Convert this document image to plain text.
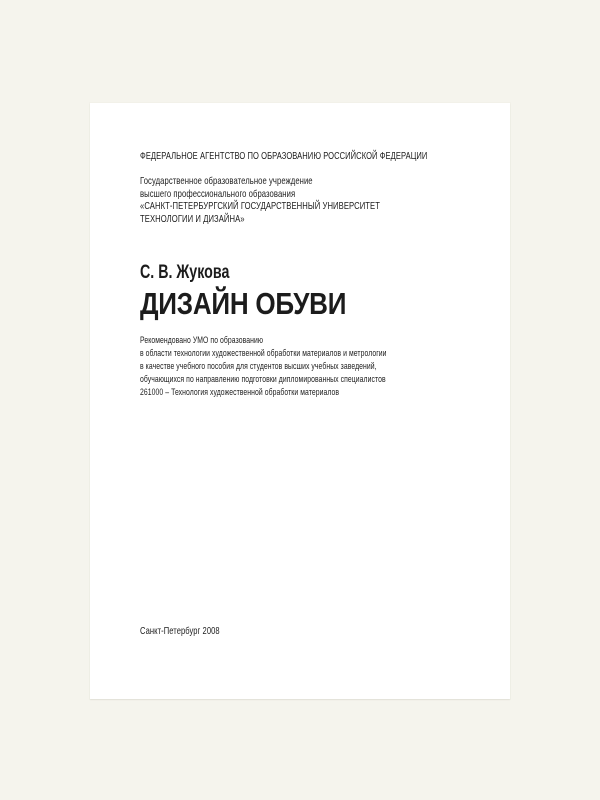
ФЕДЕРАЛЬНОЕ АГЕНТСТВО ПО ОБРАЗОВАНИЮ РОССИЙСКОЙ ФЕДЕРАЦИИ
Государственное образовательное учреждение
высшего профессионального образования
«САНКТ-ПЕТЕРБУРГСКИЙ ГОСУДАРСТВЕННЫЙ УНИВЕРСИТЕТ
ТЕХНОЛОГИИ И ДИЗАЙНА»
С. В. Жукова
ДИЗАЙН ОБУВИ
Рекомендовано УМО по образованию
в области технологии художественной обработки материалов и метрологии
в качестве учебного пособия для студентов высших учебных заведений,
обучающихся по направлению подготовки дипломированных специалистов
261000 – Технология художественной обработки материалов
Санкт-Петербург 2008
